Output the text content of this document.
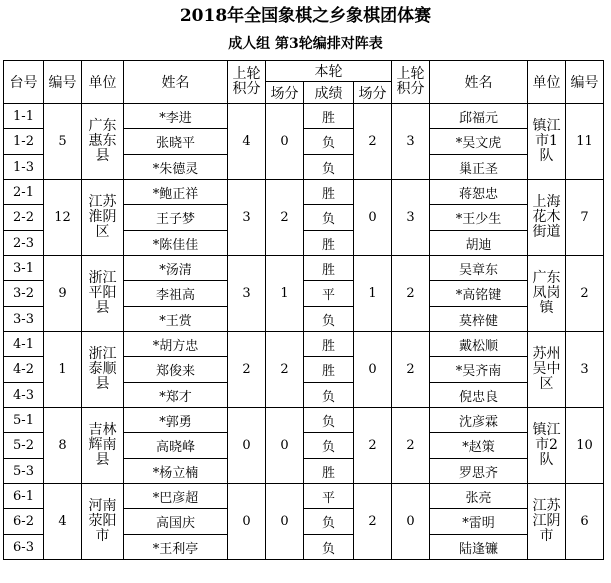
2018年全国象棋之乡象棋团体赛
成人组 第3轮编排对阵表
台号	编号	单位	姓名	上轮积分	本轮			上轮积分	姓名	单位	编号
					场分	成绩	场分				
1-1	5	广东惠东县	*李进	4	0	胜	2	3	邱福元	镇江市1队	11
1-2			张晓平			负			*吴文虎		
1-3			*朱德灵			负			巢正圣		
2-1	12	江苏淮阴区	*鲍正祥	3	2	胜	0	3	蒋恕忠	上海花木街道	7
2-2			王子梦			负			*王少生		
2-3			*陈佳佳			胜			胡迪		
3-1	9	浙江平阳县	*汤清	3	1	胜	1	2	吴章东	广东凤岗镇	2
3-2			李祖高			平			*高铭键		
3-3			*王赏			负			莫梓健		
4-1	1	浙江泰顺县	*胡方忠	2	2	胜	0	2	戴松顺	苏州吴中区	3
4-2			郑俊来			胜			*吴齐南		
4-3			*郑才			负			倪忠良		
5-1	8	吉林辉南县	*郭勇	0	0	负	2	2	沈彦霖	镇江市2队	10
5-2			高晓峰			负			*赵策		
5-3			*杨立楠			胜			罗思齐		
6-1	4	河南荥阳市	*巴彦超	0	0	平	2	0	张亮	江苏江阴市	6
6-2			高国庆			负			*雷明		
6-3			*王利亭			负			陆逢镰		
